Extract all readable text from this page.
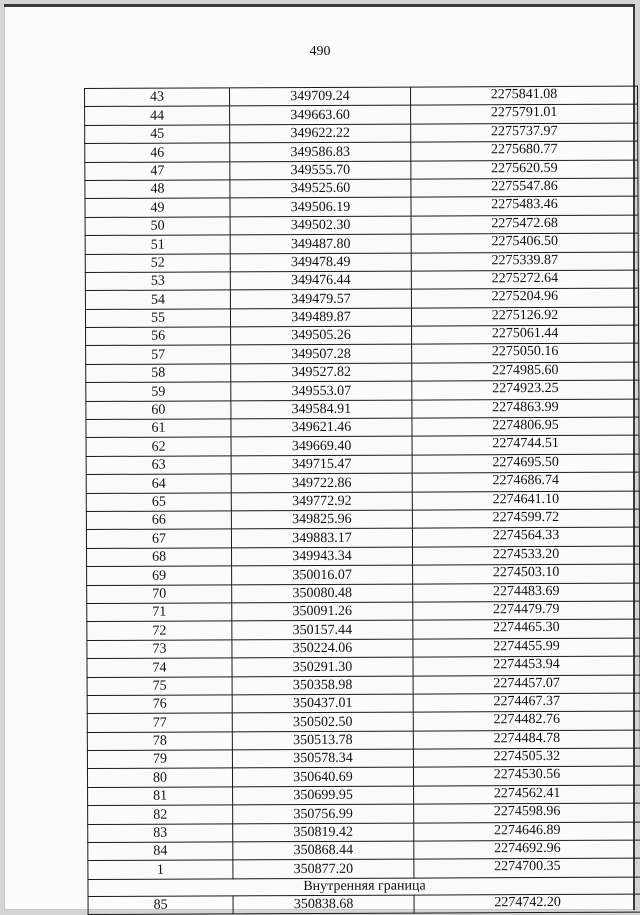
490
43	349709.24	2275841.08
44	349663.60	2275791.01
45	349622.22	2275737.97
46	349586.83	2275680.77
47	349555.70	2275620.59
48	349525.60	2275547.86
49	349506.19	2275483.46
50	349502.30	2275472.68
51	349487.80	2275406.50
52	349478.49	2275339.87
53	349476.44	2275272.64
54	349479.57	2275204.96
55	349489.87	2275126.92
56	349505.26	2275061.44
57	349507.28	2275050.16
58	349527.82	2274985.60
59	349553.07	2274923.25
60	349584.91	2274863.99
61	349621.46	2274806.95
62	349669.40	2274744.51
63	349715.47	2274695.50
64	349722.86	2274686.74
65	349772.92	2274641.10
66	349825.96	2274599.72
67	349883.17	2274564.33
68	349943.34	2274533.20
69	350016.07	2274503.10
70	350080.48	2274483.69
71	350091.26	2274479.79
72	350157.44	2274465.30
73	350224.06	2274455.99
74	350291.30	2274453.94
75	350358.98	2274457.07
76	350437.01	2274467.37
77	350502.50	2274482.76
78	350513.78	2274484.78
79	350578.34	2274505.32
80	350640.69	2274530.56
81	350699.95	2274562.41
82	350756.99	2274598.96
83	350819.42	2274646.89
84	350868.44	2274692.96
1	350877.20	2274700.35
Внутренняя граница		
85	350838.68	2274742.20
